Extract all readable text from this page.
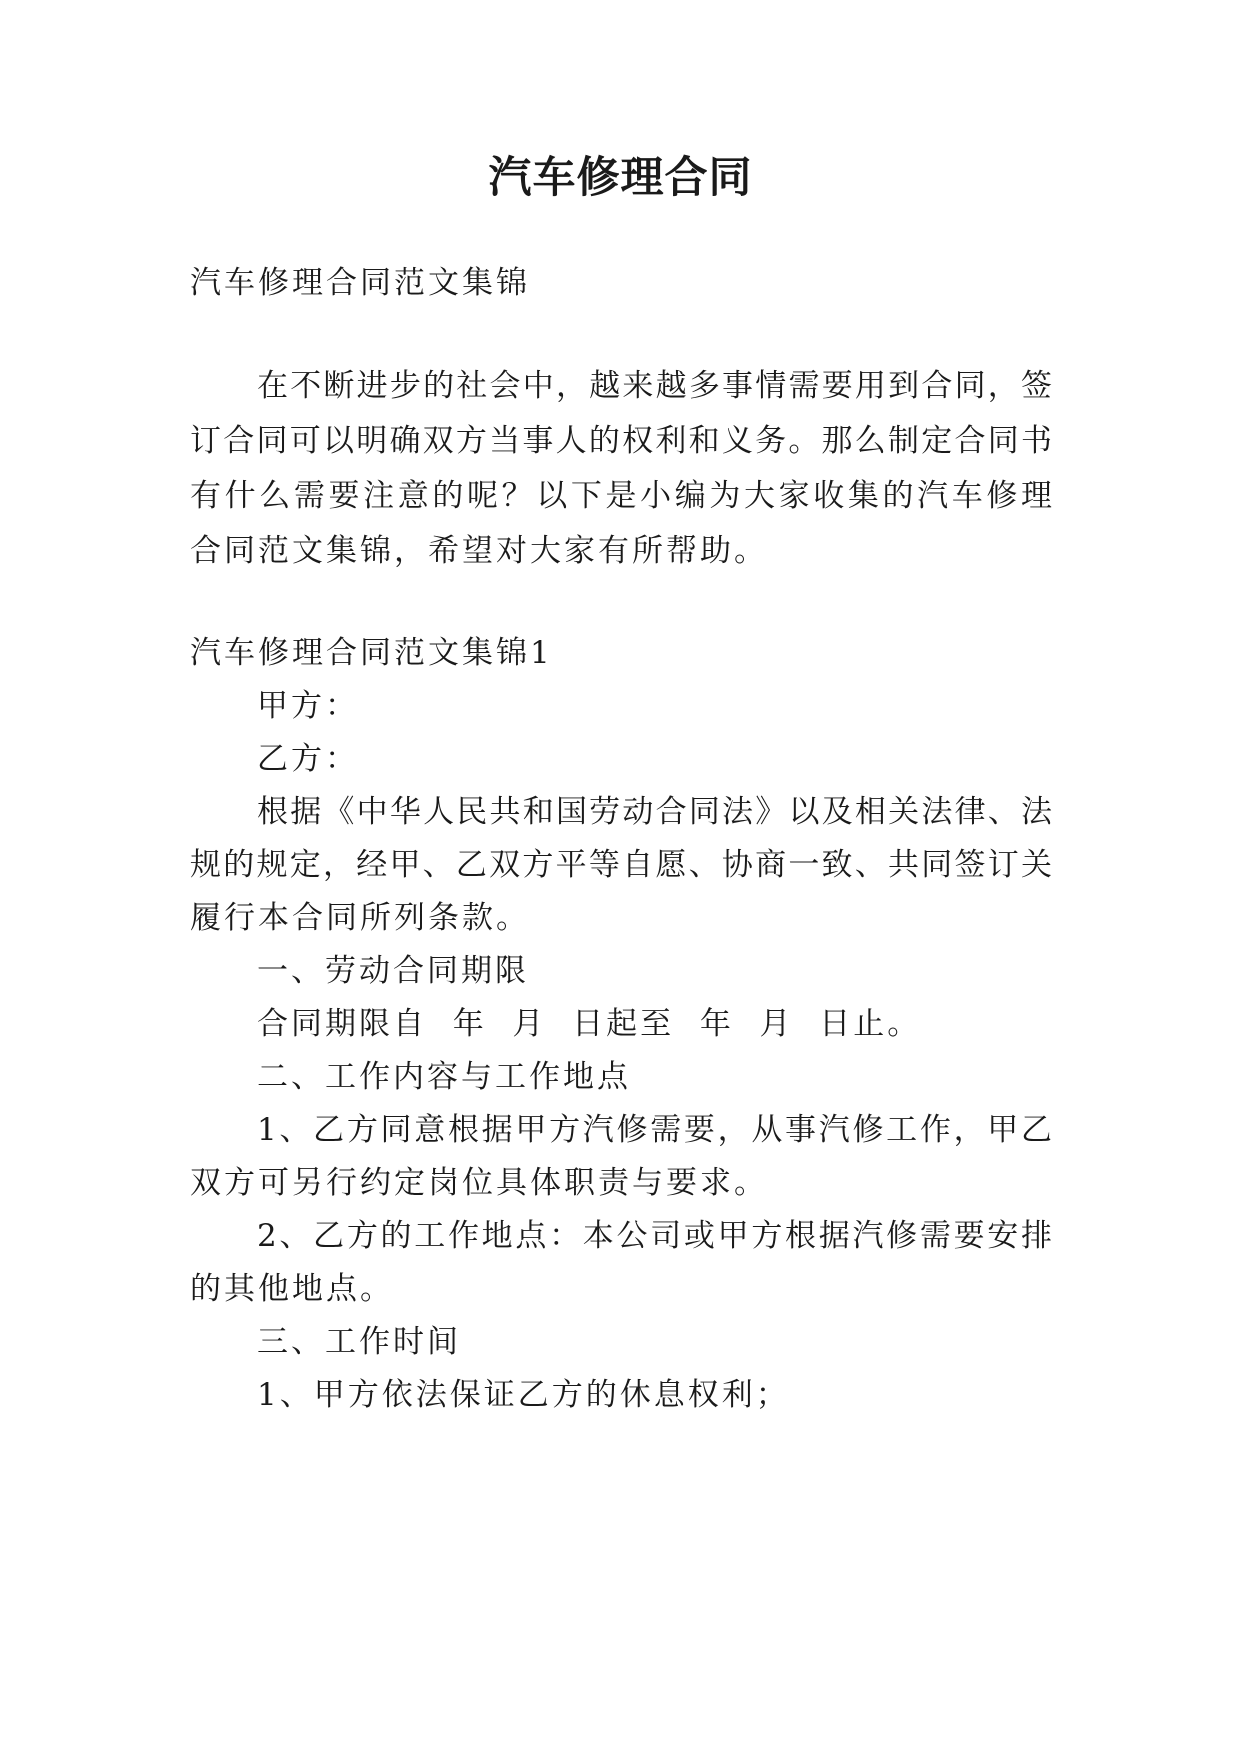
汽车修理合同

汽车修理合同范文集锦

在不断进步的社会中，越来越多事情需要用到合同，签

订合同可以明确双方当事人的权利和义务。那么制定合同书

有什么需要注意的呢？以下是小编为大家收集的汽车修理

合同范文集锦，希望对大家有所帮助。

汽车修理合同范文集锦1

甲方：

乙方：

根据《中华人民共和国劳动合同法》以及相关法律、法

规的规定，经甲、乙双方平等自愿、协商一致、共同签订关

履行本合同所列条款。

一、劳动合同期限

合同期限自  年  月  日起至  年  月  日止。

二、工作内容与工作地点

1、乙方同意根据甲方汽修需要，从事汽修工作，甲乙

双方可另行约定岗位具体职责与要求。

2、乙方的工作地点：本公司或甲方根据汽修需要安排

的其他地点。

三、工作时间

1、甲方依法保证乙方的休息权利；
